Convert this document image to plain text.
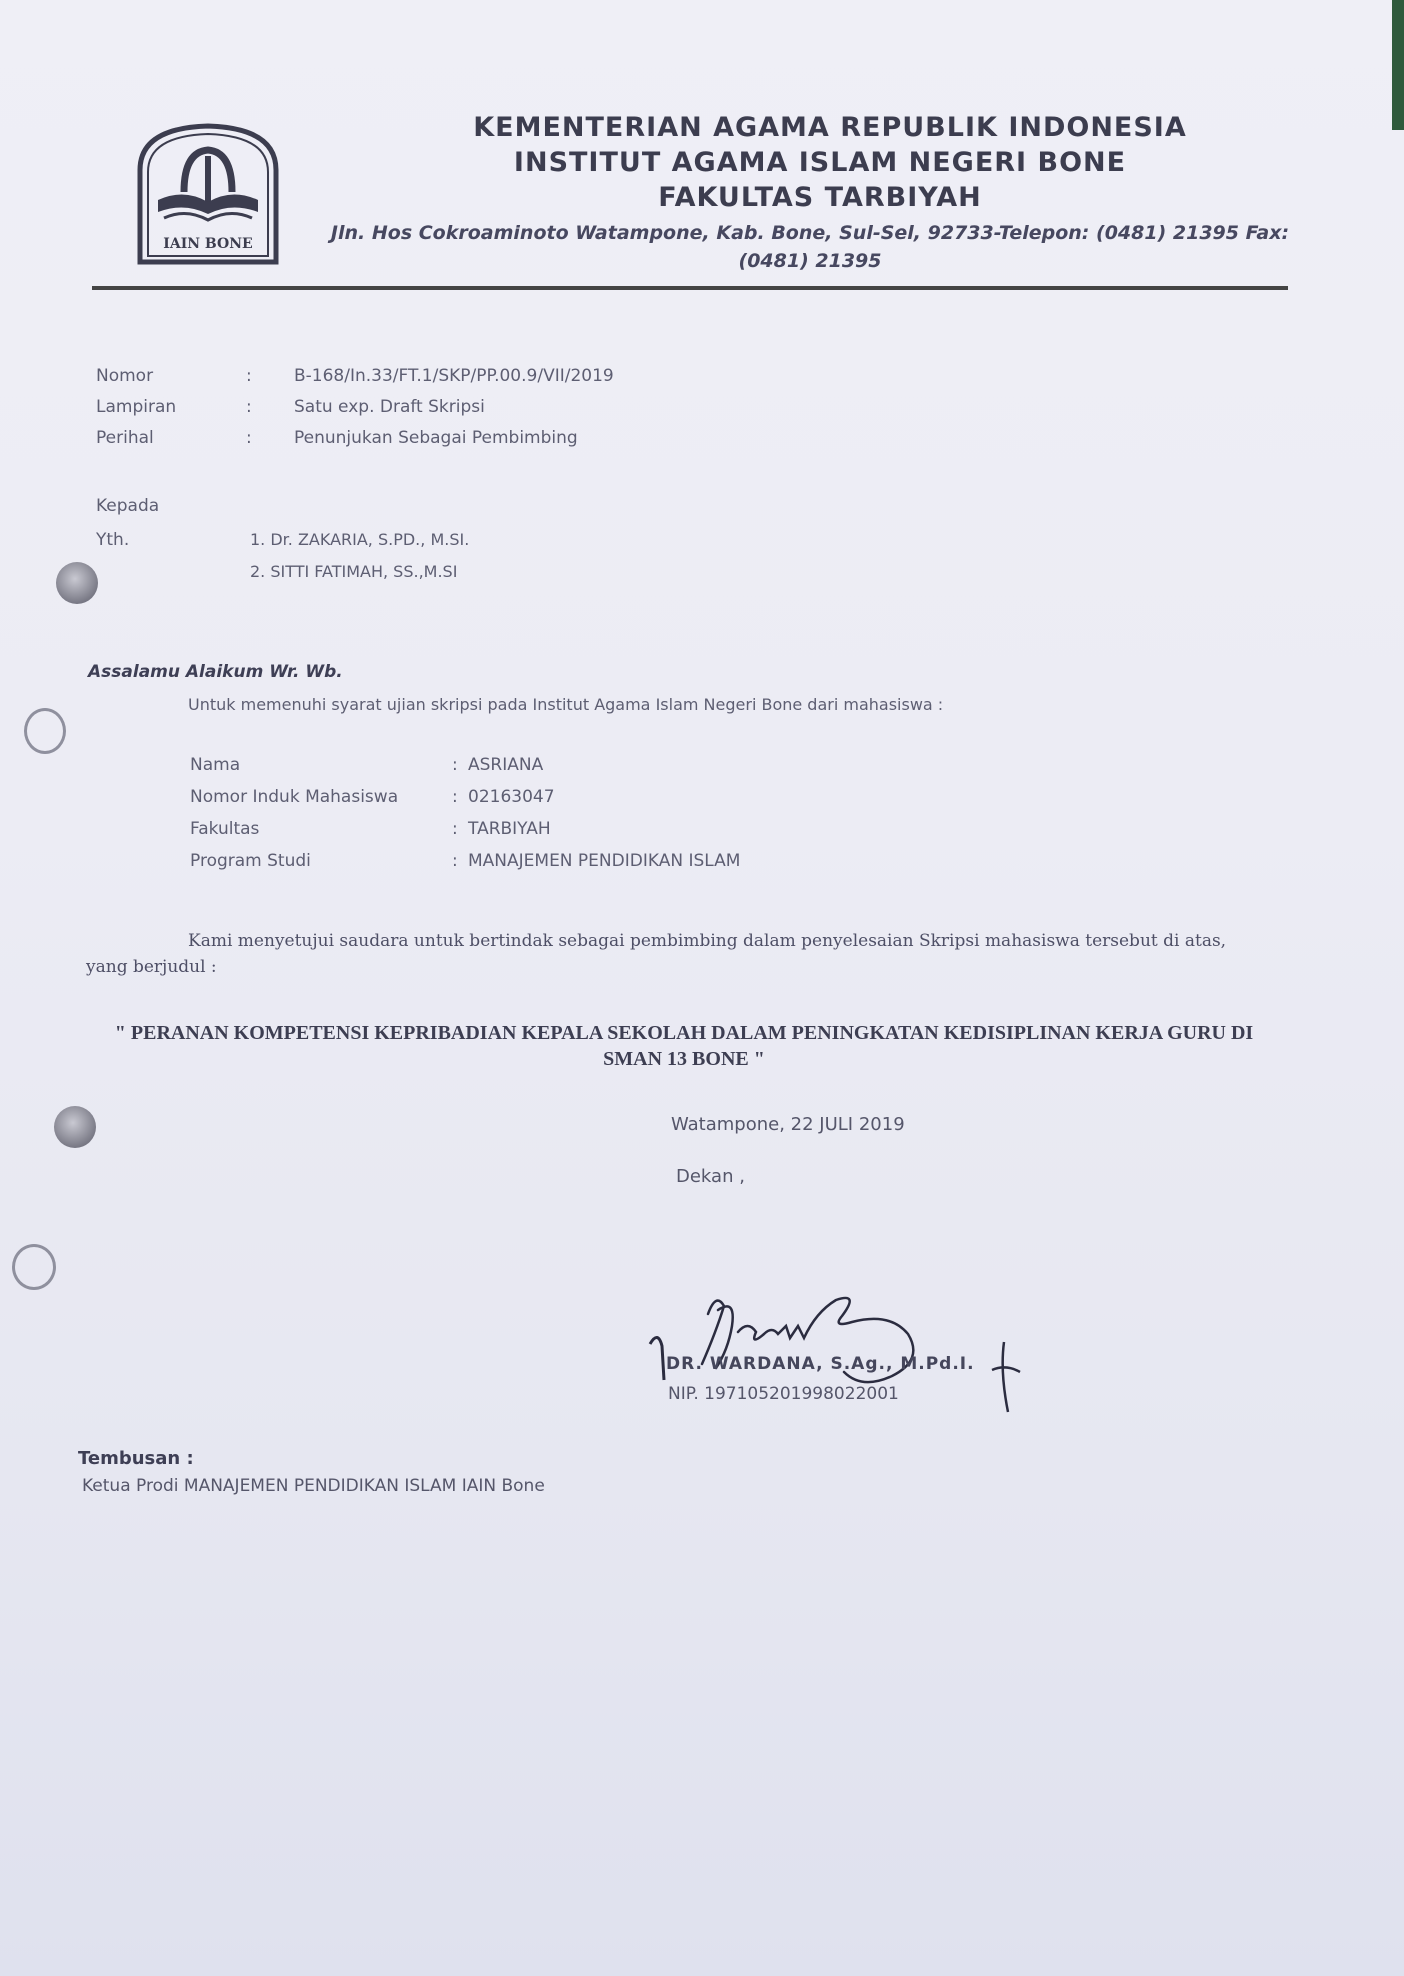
IAIN BONE
KEMENTERIAN AGAMA REPUBLIK INDONESIA
INSTITUT AGAMA ISLAM NEGERI BONE
FAKULTAS TARBIYAH
Jln. Hos Cokroaminoto Watampone, Kab. Bone, Sul-Sel, 92733-Telepon: (0481) 21395 Fax: (0481) 21395
Nomor	:	B-168/In.33/FT.1/SKP/PP.00.9/VII/2019
Lampiran	:	Satu exp. Draft Skripsi
Perihal	:	Penunjukan Sebagai Pembimbing
Kepada
Yth.	1. Dr. ZAKARIA, S.PD., M.SI.
2. SITTI FATIMAH, SS.,M.SI
Assalamu Alaikum Wr. Wb.
Untuk memenuhi syarat ujian skripsi pada Institut Agama Islam Negeri Bone dari mahasiswa :
Nama	: ASRIANA
Nomor Induk Mahasiswa	: 02163047
Fakultas	: TARBIYAH
Program Studi	: MANAJEMEN PENDIDIKAN ISLAM
Kami menyetujui saudara untuk bertindak sebagai pembimbing dalam penyelesaian Skripsi mahasiswa tersebut di atas, yang berjudul :
" PERANAN KOMPETENSI KEPRIBADIAN KEPALA SEKOLAH DALAM PENINGKATAN KEDISIPLINAN KERJA GURU DI SMAN 13 BONE "
Watampone, 22 JULI 2019
Dekan ,
DR. WARDANA, S.Ag., M.Pd.I.
NIP. 197105201998022001
Tembusan :
Ketua Prodi MANAJEMEN PENDIDIKAN ISLAM IAIN Bone
